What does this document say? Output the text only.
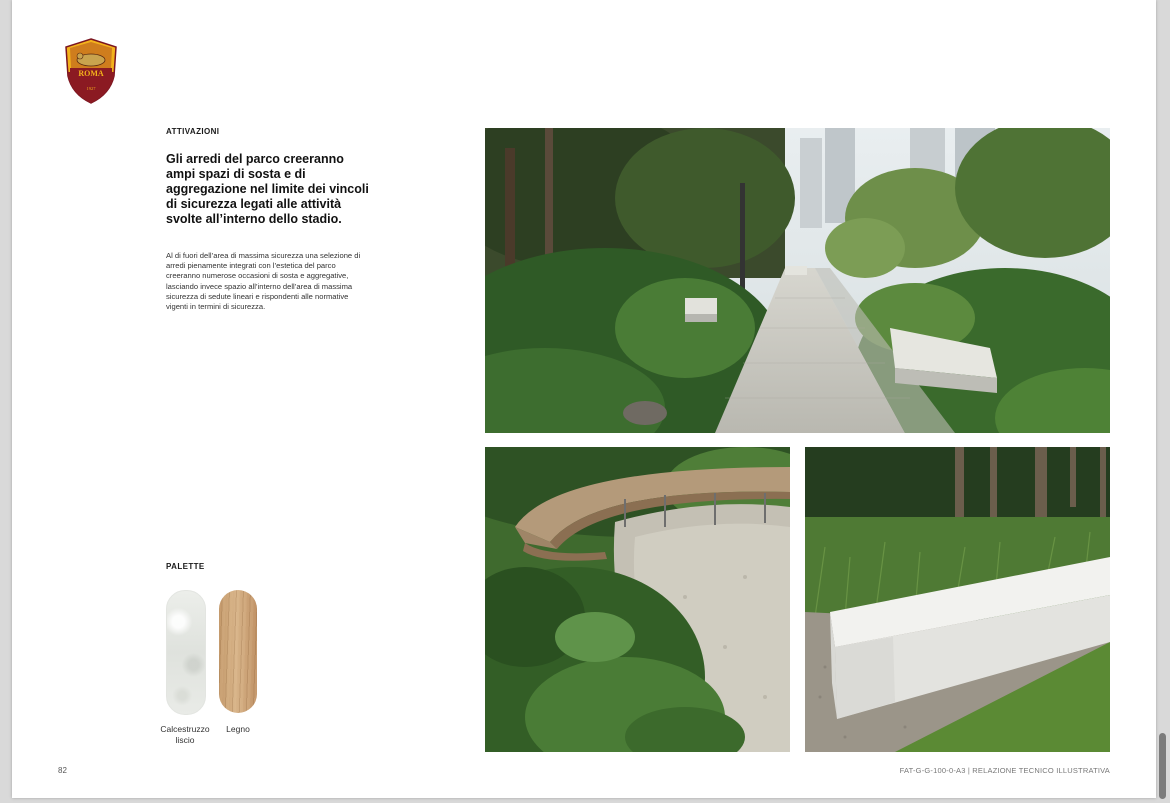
ROMA
1927
ATTIVAZIONI
Gli arredi del parco creeranno ampi spazi di sosta e di aggregazione nel limite dei vincoli di sicurezza legati alle attività svolte all’interno dello stadio.

Al di fuori dell’area di massima sicurezza una selezione di arredi pienamente integrati con l’estetica del parco creeranno numerose occasioni di sosta e aggregative, lasciando invece spazio all’interno dell’area di massima sicurezza di sedute lineari e rispondenti alle normative vigenti in termini di sicurezza.

PALETTE
Calcestruzzo liscio
Legno
82	FAT-G-G-100-0-A3 | RELAZIONE TECNICO ILLUSTRATIVA
